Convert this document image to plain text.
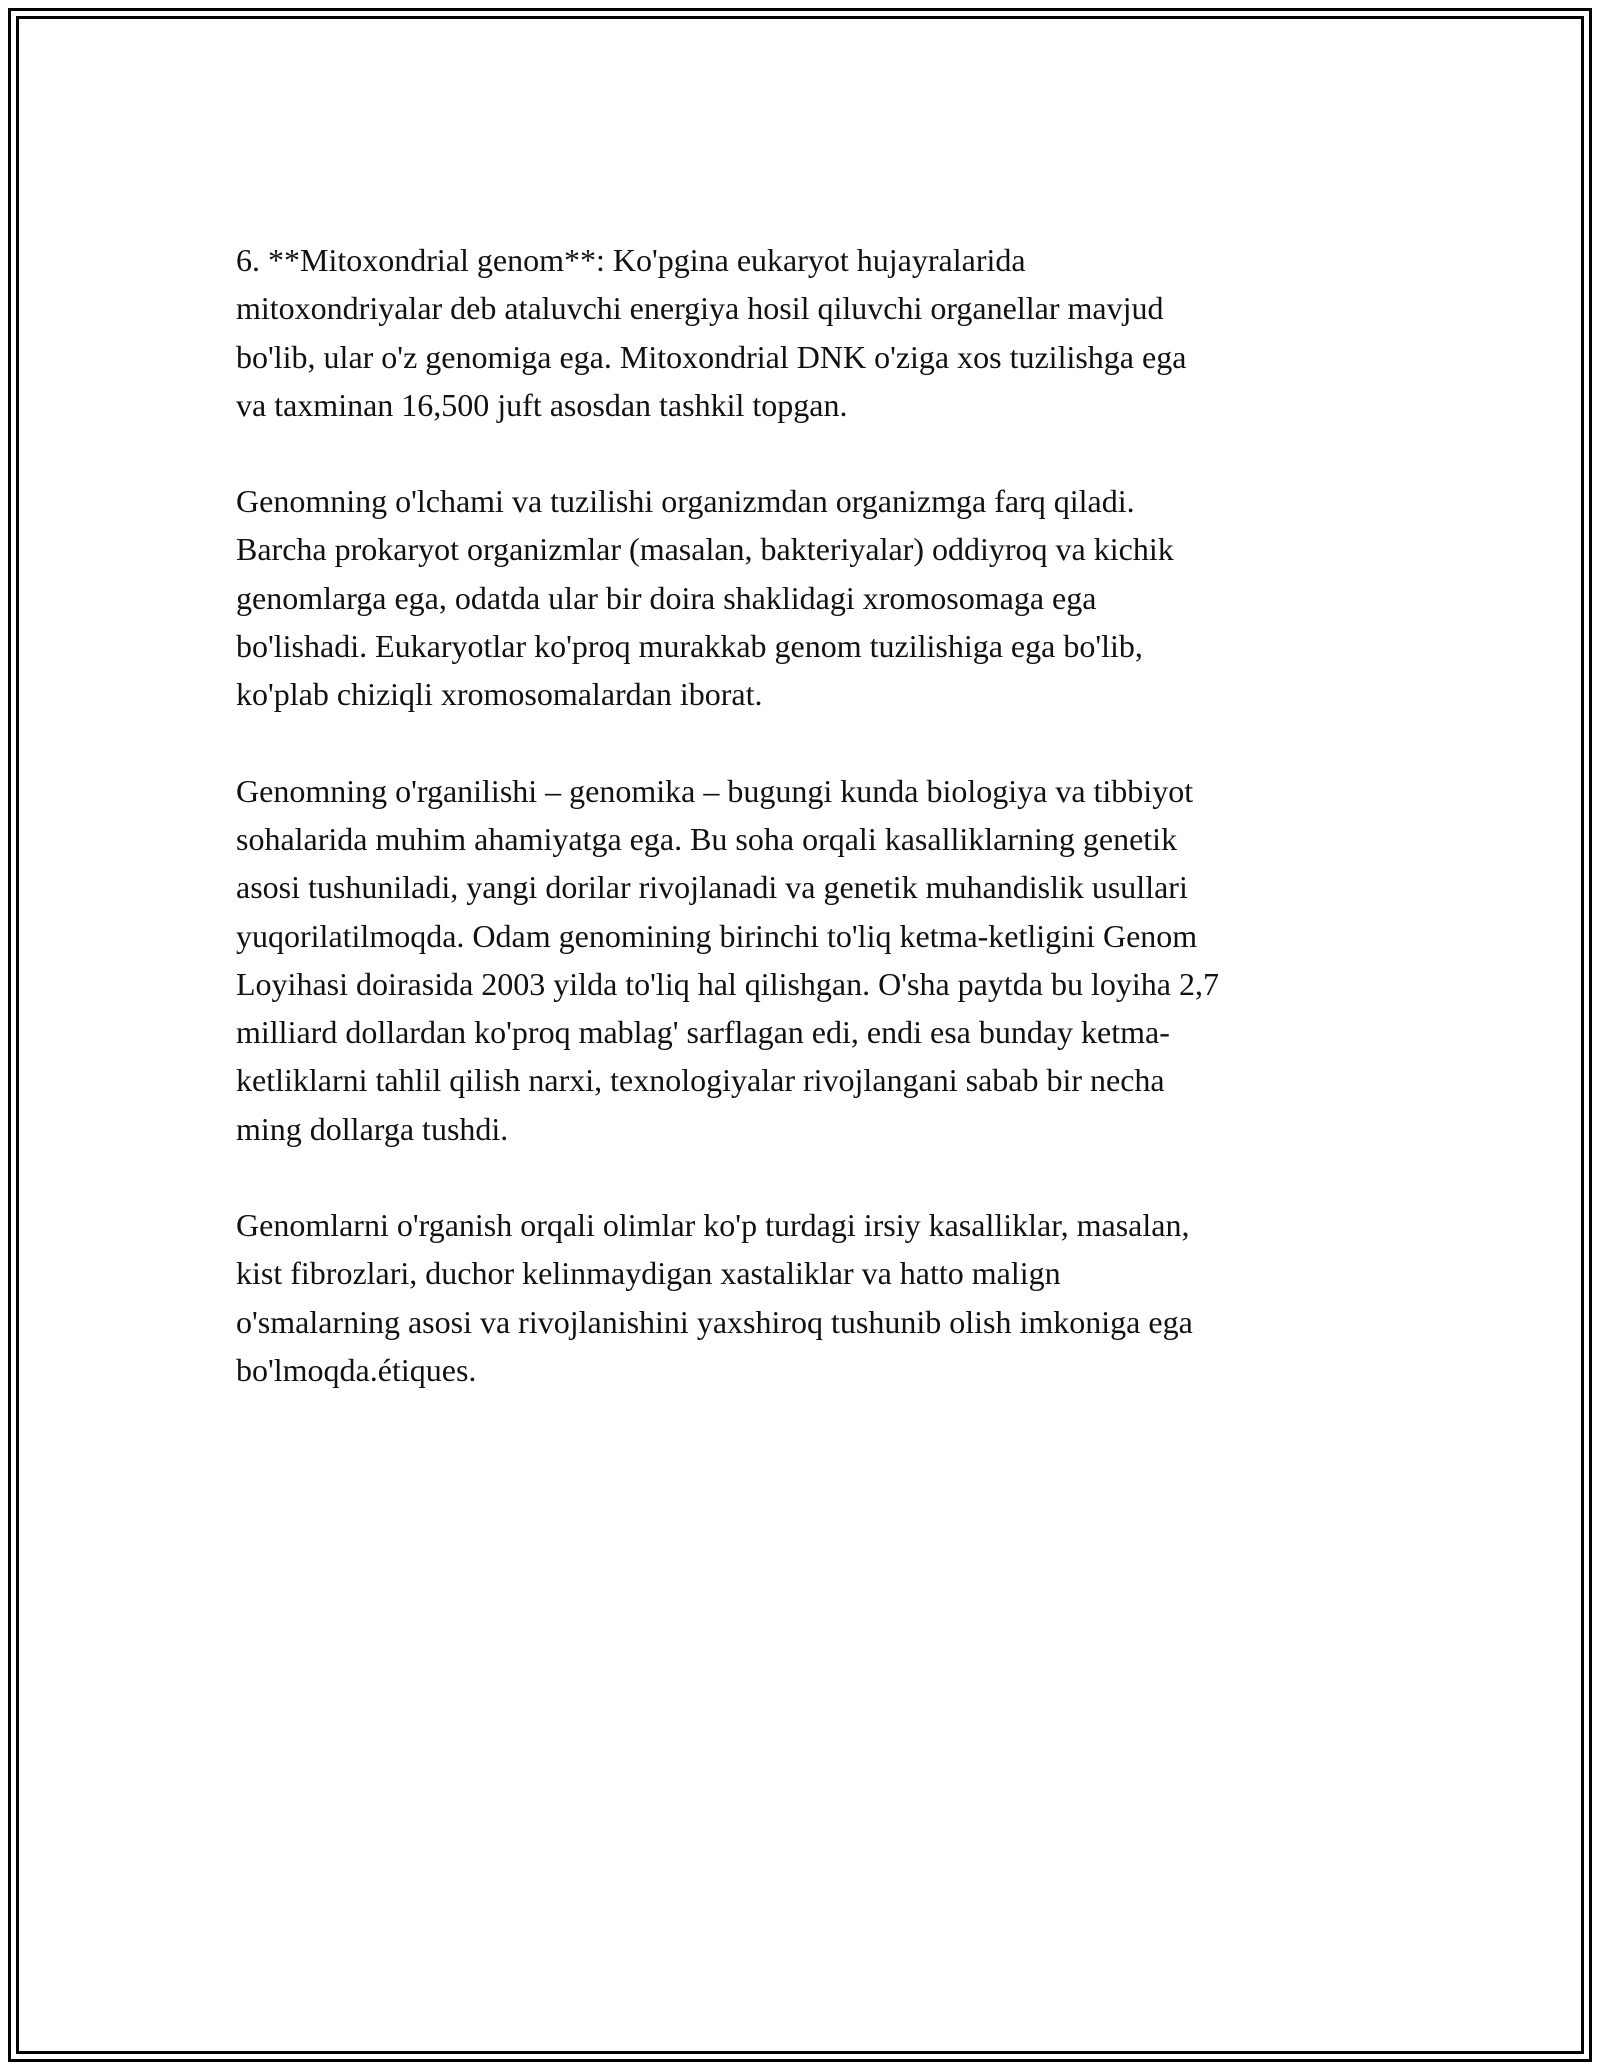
6. **Mitoxondrial genom**: Ko'pgina eukaryot hujayralarida
mitoxondriyalar deb ataluvchi energiya hosil qiluvchi organellar mavjud
bo'lib, ular o'z genomiga ega. Mitoxondrial DNK o'ziga xos tuzilishga ega
va taxminan 16,500 juft asosdan tashkil topgan.

Genomning o'lchami va tuzilishi organizmdan organizmga farq qiladi.
Barcha prokaryot organizmlar (masalan, bakteriyalar) oddiyroq va kichik
genomlarga ega, odatda ular bir doira shaklidagi xromosomaga ega
bo'lishadi. Eukaryotlar ko'proq murakkab genom tuzilishiga ega bo'lib,
ko'plab chiziqli xromosomalardan iborat.

Genomning o'rganilishi – genomika – bugungi kunda biologiya va tibbiyot
sohalarida muhim ahamiyatga ega. Bu soha orqali kasalliklarning genetik
asosi tushuniladi, yangi dorilar rivojlanadi va genetik muhandislik usullari
yuqorilatilmoqda. Odam genomining birinchi to'liq ketma-ketligini Genom
Loyihasi doirasida 2003 yilda to'liq hal qilishgan. O'sha paytda bu loyiha 2,7
milliard dollardan ko'proq mablag' sarflagan edi, endi esa bunday ketma-
ketliklarni tahlil qilish narxi, texnologiyalar rivojlangani sabab bir necha
ming dollarga tushdi.

Genomlarni o'rganish orqali olimlar ko'p turdagi irsiy kasalliklar, masalan,
kist fibrozlari, duchor kelinmaydigan xastaliklar va hatto malign
o'smalarning asosi va rivojlanishini yaxshiroq tushunib olish imkoniga ega
bo'lmoqda.étiques.
